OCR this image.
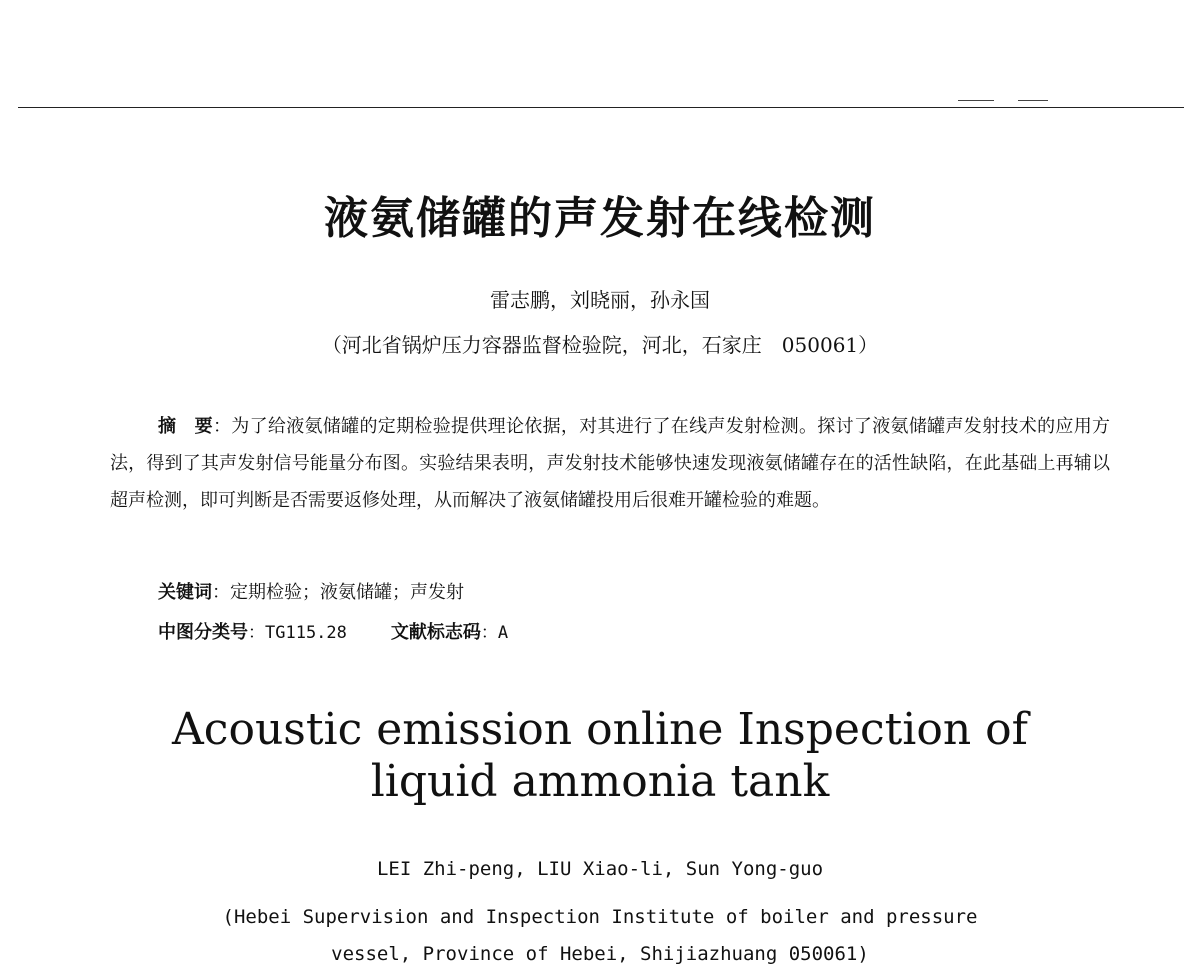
液氨储罐的声发射在线检测
雷志鹏，刘晓丽，孙永国
（河北省锅炉压力容器监督检验院，河北，石家庄　050061）

摘　要：为了给液氨储罐的定期检验提供理论依据，对其进行了在线声发射检测。探讨了液氨储罐声发射技术的应用方法，得到了其声发射信号能量分布图。实验结果表明，声发射技术能够快速发现液氨储罐存在的活性缺陷，在此基础上再辅以超声检测，即可判断是否需要返修处理，从而解决了液氨储罐投用后很难开罐检验的难题。

关键词：定期检验；液氨储罐；声发射
中图分类号：TG115.28 文献标志码：A
Acoustic emission online Inspection of
liquid ammonia tank
LEI Zhi-peng, LIU Xiao-li, Sun Yong-guo
(Hebei Supervision and Inspection Institute of boiler and pressure
vessel, Province of Hebei, Shijiazhuang 050061)
